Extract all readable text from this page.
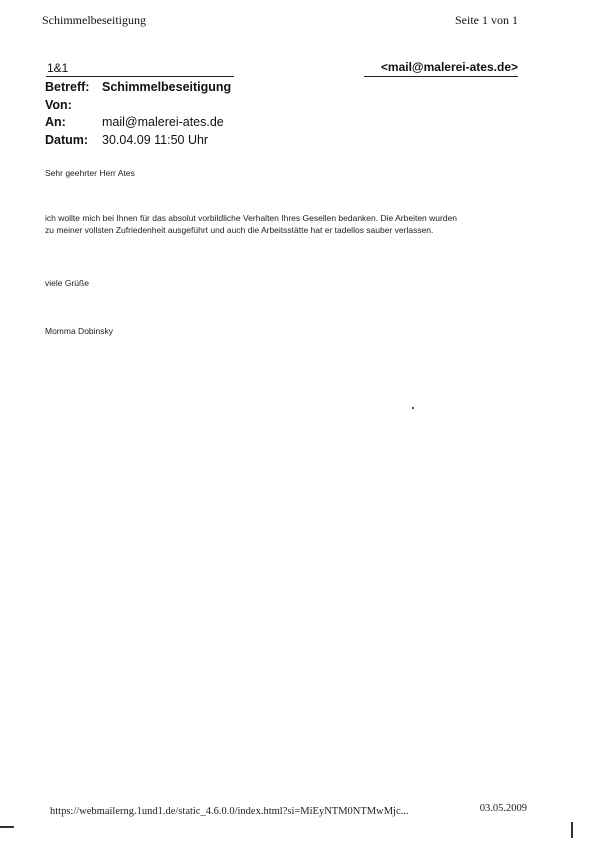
Schimmelbeseitigung	Seite 1 von 1
1&1	<mail@malerei-ates.de>
Betreff:	Schimmelbeseitigung
Von:	
An:	mail@malerei-ates.de
Datum:	30.04.09 11:50 Uhr
Sehr geehrter Herr Ates
ich wollte mich bei Ihnen für das absolut vorbildliche Verhalten Ihres Gesellen bedanken. Die Arbeiten wurden
zu meiner vollsten Zufriedenheit ausgeführt und auch die Arbeitsstätte hat er tadellos sauber verlassen.
viele Grüße
Momma Dobinsky
https://webmailerng.1und1.de/static_4.6.0.0/index.html?si=MiEyNTM0NTMwMjc...	03.05.2009
